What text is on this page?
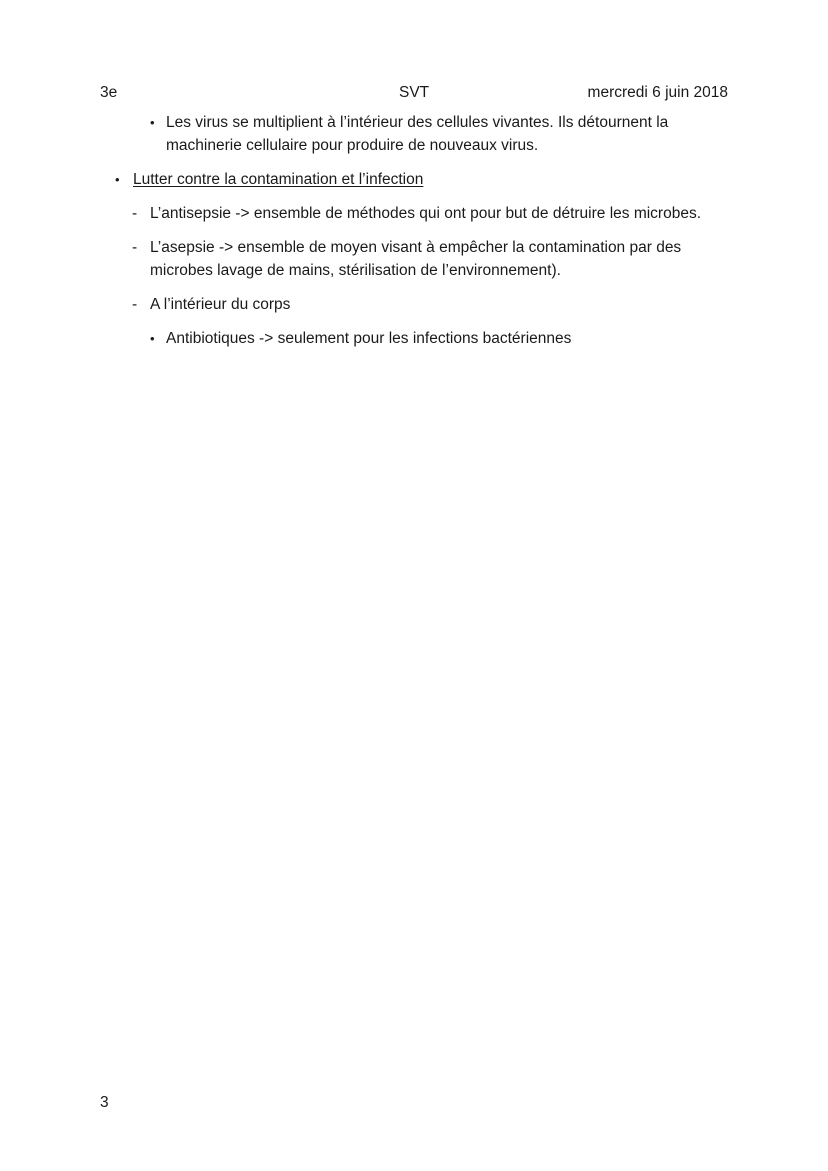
3e	SVT	mercredi 6 juin 2018
• Les virus se multiplient à l’intérieur des cellules vivantes. Ils détournent la machinerie cellulaire pour produire de nouveaux virus.
• Lutter contre la contamination et l’infection
- L’antisepsie -> ensemble de méthodes qui ont pour but de détruire les microbes.
- L’asepsie -> ensemble de moyen visant à empêcher la contamination par des microbes lavage de mains, stérilisation de l’environnement).
- A l’intérieur du corps
• Antibiotiques -> seulement pour les infections bactériennes
3
